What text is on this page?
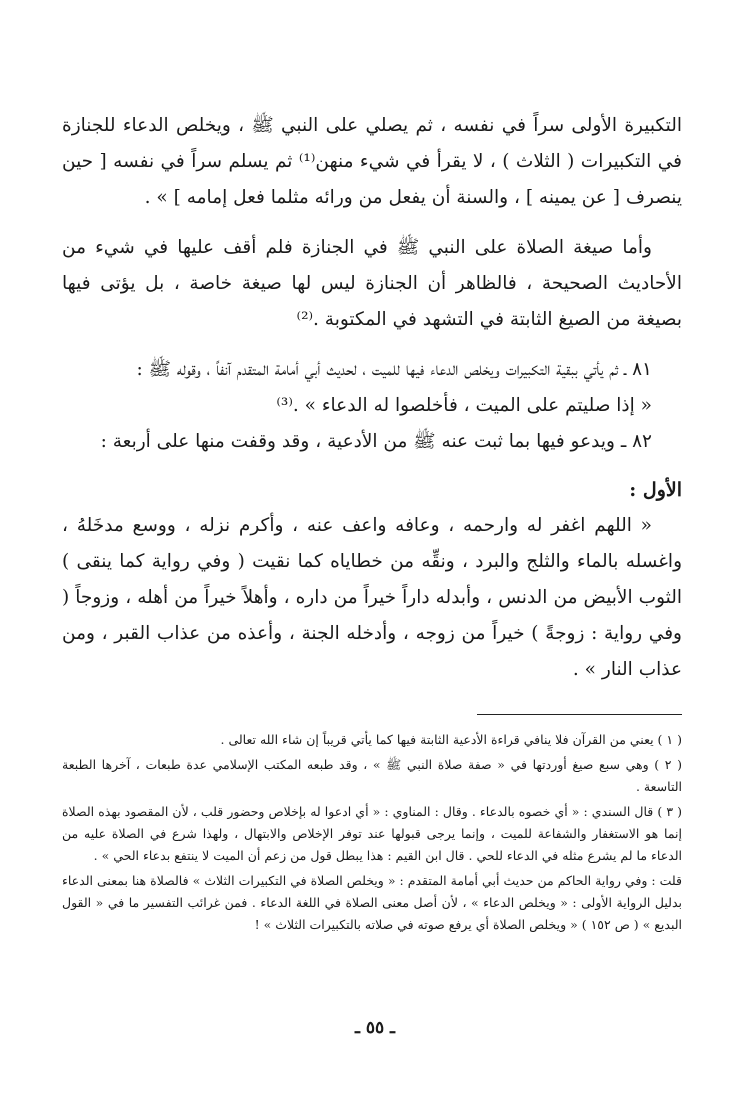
التكبيرة الأولى سراً في نفسه ، ثم يصلي على النبي ﷺ ، ويخلص الدعاء للجنازة في التكبيرات ( الثلاث ) ، لا يقرأ في شيء منهن⁽¹⁾ ثم يسلم سراً في نفسه [ حين ينصرف [ عن يمينه ] ، والسنة أن يفعل من ورائه مثلما فعل إمامه ] » .

وأما صيغة الصلاة على النبي ﷺ في الجنازة فلم أقف عليها في شيء من الأحاديث الصحيحة ، فالظاهر أن الجنازة ليس لها صيغة خاصة ، بل يؤتى فيها بصيغة من الصيغ الثابتة في التشهد في المكتوبة .⁽²⁾

٨١ ـ ثم يأتي ببقية التكبيرات ويخلص الدعاء فيها للميت ، لحديث أبي أمامة المتقدم آنفاً ، وقوله ﷺ :

« إذا صليتم على الميت ، فأخلصوا له الدعاء » .⁽³⁾

٨٢ ـ ويدعو فيها بما ثبت عنه ﷺ من الأدعية ، وقد وقفت منها على أربعة :

الأول :

« اللهم اغفر له وارحمه ، وعافه واعف عنه ، وأكرم نزله ، ووسع مدخَلهُ ، واغسله بالماء والثلج والبرد ، ونقِّه من خطاياه كما نقيت ( وفي رواية كما ينقى ) الثوب الأبيض من الدنس ، وأبدله داراً خيراً من داره ، وأهلاً خيراً من أهله ، وزوجاً ( وفي رواية : زوجةً ) خيراً من زوجه ، وأدخله الجنة ، وأعذه من عذاب القبر ، ومن عذاب النار » .

( ١ ) يعني من القرآن فلا ينافي قراءة الأدعية الثابتة فيها كما يأتي قريباً إن شاء الله تعالى .

( ٢ ) وهي سبع صيغ أوردتها في « صفة صلاة النبي ﷺ » ، وقد طبعه المكتب الإسلامي عدة طبعات ، آخرها الطبعة التاسعة .

( ٣ ) قال السندي : « أي خصوه بالدعاء . وقال : المناوي : « أي ادعوا له بإخلاص وحضور قلب ، لأن المقصود بهذه الصلاة إنما هو الاستغفار والشفاعة للميت ، وإنما يرجى قبولها عند توفر الإخلاص والابتهال ، ولهذا شرع في الصلاة عليه من الدعاء ما لم يشرع مثله في الدعاء للحي . قال ابن القيم : هذا يبطل قول من زعم أن الميت لا ينتفع بدعاء الحي » .

قلت : وفي رواية الحاكم من حديث أبي أمامة المتقدم : « ويخلص الصلاة في التكبيرات الثلاث » فالصلاة هنا بمعنى الدعاء بدليل الرواية الأولى : « ويخلص الدعاء » ، لأن أصل معنى الصلاة في اللغة الدعاء . فمن غرائب التفسير ما في « القول البديع » ( ص ١٥٢ ) « ويخلص الصلاة أي يرفع صوته في صلاته بالتكبيرات الثلاث » !

ـ ٥٥ ـ
